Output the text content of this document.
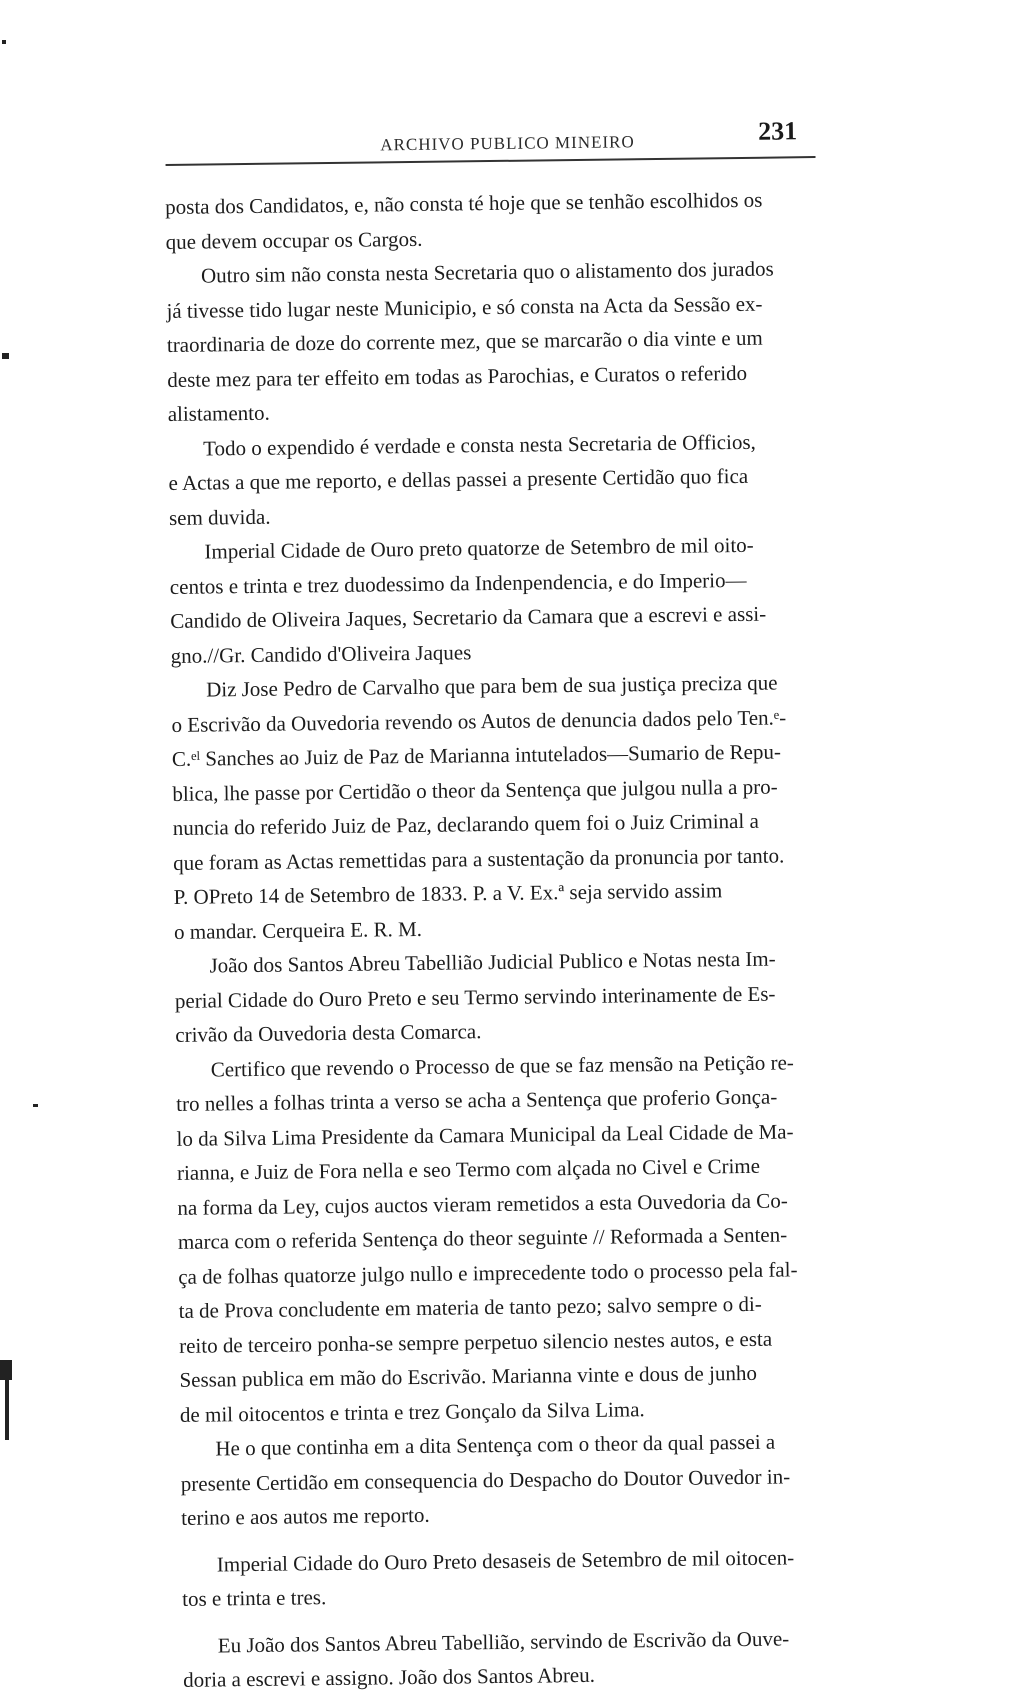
ARCHIVO PUBLICO MINEIRO	231

posta dos Candidatos, e, não consta té hoje que se tenhão escolhidos os
que devem occupar os Cargos.

Outro sim não consta nesta Secretaria quo o alistamento dos jurados
já tivesse tido lugar neste Municipio, e só consta na Acta da Sessão ex-
traordinaria de doze do corrente mez, que se marcarão o dia vinte e um
deste mez para ter effeito em todas as Parochias, e Curatos o referido
alistamento.

Todo o expendido é verdade e consta nesta Secretaria de Officios,
e Actas a que me reporto, e dellas passei a presente Certidão quo fica
sem duvida.

Imperial Cidade de Ouro preto quatorze de Setembro de mil oito-
centos e trinta e trez duodessimo da Indenpendencia, e do Imperio—
Candido de Oliveira Jaques, Secretario da Camara que a escrevi e assi-
gno.//Gr. Candido d'Oliveira Jaques

Diz Jose Pedro de Carvalho que para bem de sua justiça preciza que
o Escrivão da Ouvedoria revendo os Autos de denuncia dados pelo Ten.ᵉ-
C.ᵉˡ Sanches ao Juiz de Paz de Marianna intutelados—Sumario de Repu-
blica, lhe passe por Certidão o theor da Sentença que julgou nulla a pro-
nuncia do referido Juiz de Paz, declarando quem foi o Juiz Criminal a
que foram as Actas remettidas para a sustentação da pronuncia por tanto.
P. OPreto 14 de Setembro de 1833. P. a V. Ex.ª seja servido assim
o mandar. Cerqueira E. R. M.

João dos Santos Abreu Tabellião Judicial Publico e Notas nesta Im-
perial Cidade do Ouro Preto e seu Termo servindo interinamente de Es-
crivão da Ouvedoria desta Comarca.

Certifico que revendo o Processo de que se faz mensão na Petição re-
tro nelles a folhas trinta a verso se acha a Sentença que proferio Gonça-
lo da Silva Lima Presidente da Camara Municipal da Leal Cidade de Ma-
rianna, e Juiz de Fora nella e seo Termo com alçada no Civel e Crime
na forma da Ley, cujos auctos vieram remetidos a esta Ouvedoria da Co-
marca com o referida Sentença do theor seguinte // Reformada a Senten-
ça de folhas quatorze julgo nullo e imprecedente todo o processo pela fal-
ta de Prova concludente em materia de tanto pezo; salvo sempre o di-
reito de terceiro ponha-se sempre perpetuo silencio nestes autos, e esta
Sessan publica em mão do Escrivão. Marianna vinte e dous de junho
de mil oitocentos e trinta e trez Gonçalo da Silva Lima.

He o que continha em a dita Sentença com o theor da qual passei a
presente Certidão em consequencia do Despacho do Doutor Ouvedor in-
terino e aos autos me reporto.

Imperial Cidade do Ouro Preto desaseis de Setembro de mil oitocen-
tos e trinta e tres.

Eu João dos Santos Abreu Tabellião, servindo de Escrivão da Ouve-
doria a escrevi e assigno. João dos Santos Abreu.
